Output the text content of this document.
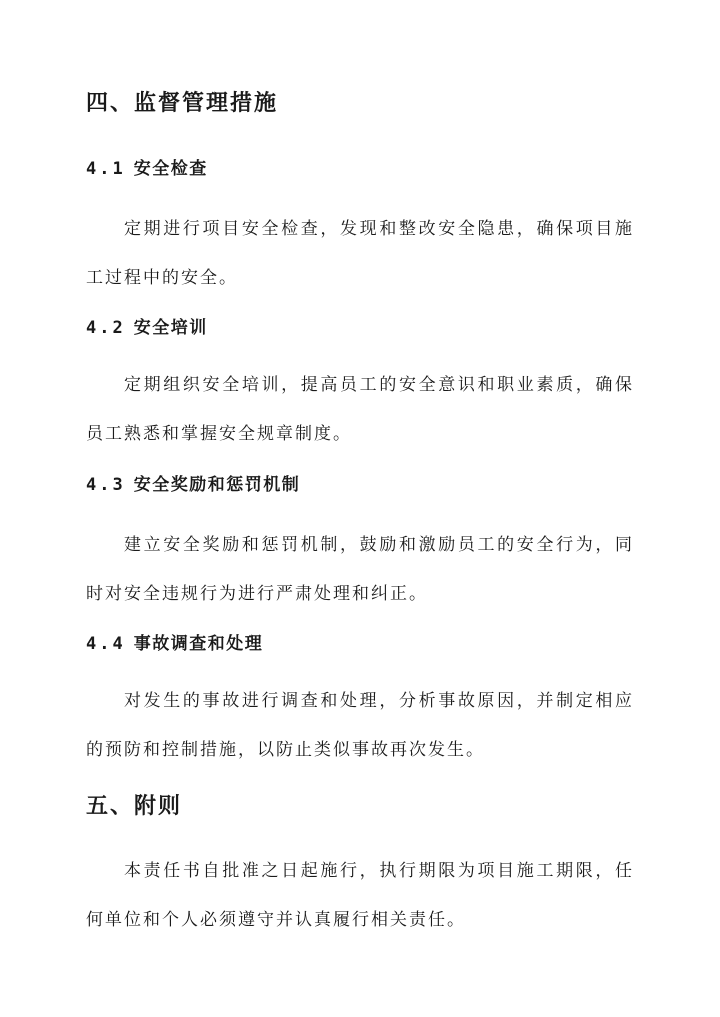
四、监督管理措施
4.1 安全检查

定期进行项目安全检查，发现和整改安全隐患，确保项目施工过程中的安全。

4.2 安全培训

定期组织安全培训，提高员工的安全意识和职业素质，确保员工熟悉和掌握安全规章制度。

4.3 安全奖励和惩罚机制

建立安全奖励和惩罚机制，鼓励和激励员工的安全行为，同时对安全违规行为进行严肃处理和纠正。

4.4 事故调查和处理

对发生的事故进行调查和处理，分析事故原因，并制定相应的预防和控制措施，以防止类似事故再次发生。

五、附则

本责任书自批准之日起施行，执行期限为项目施工期限，任何单位和个人必须遵守并认真履行相关责任。
